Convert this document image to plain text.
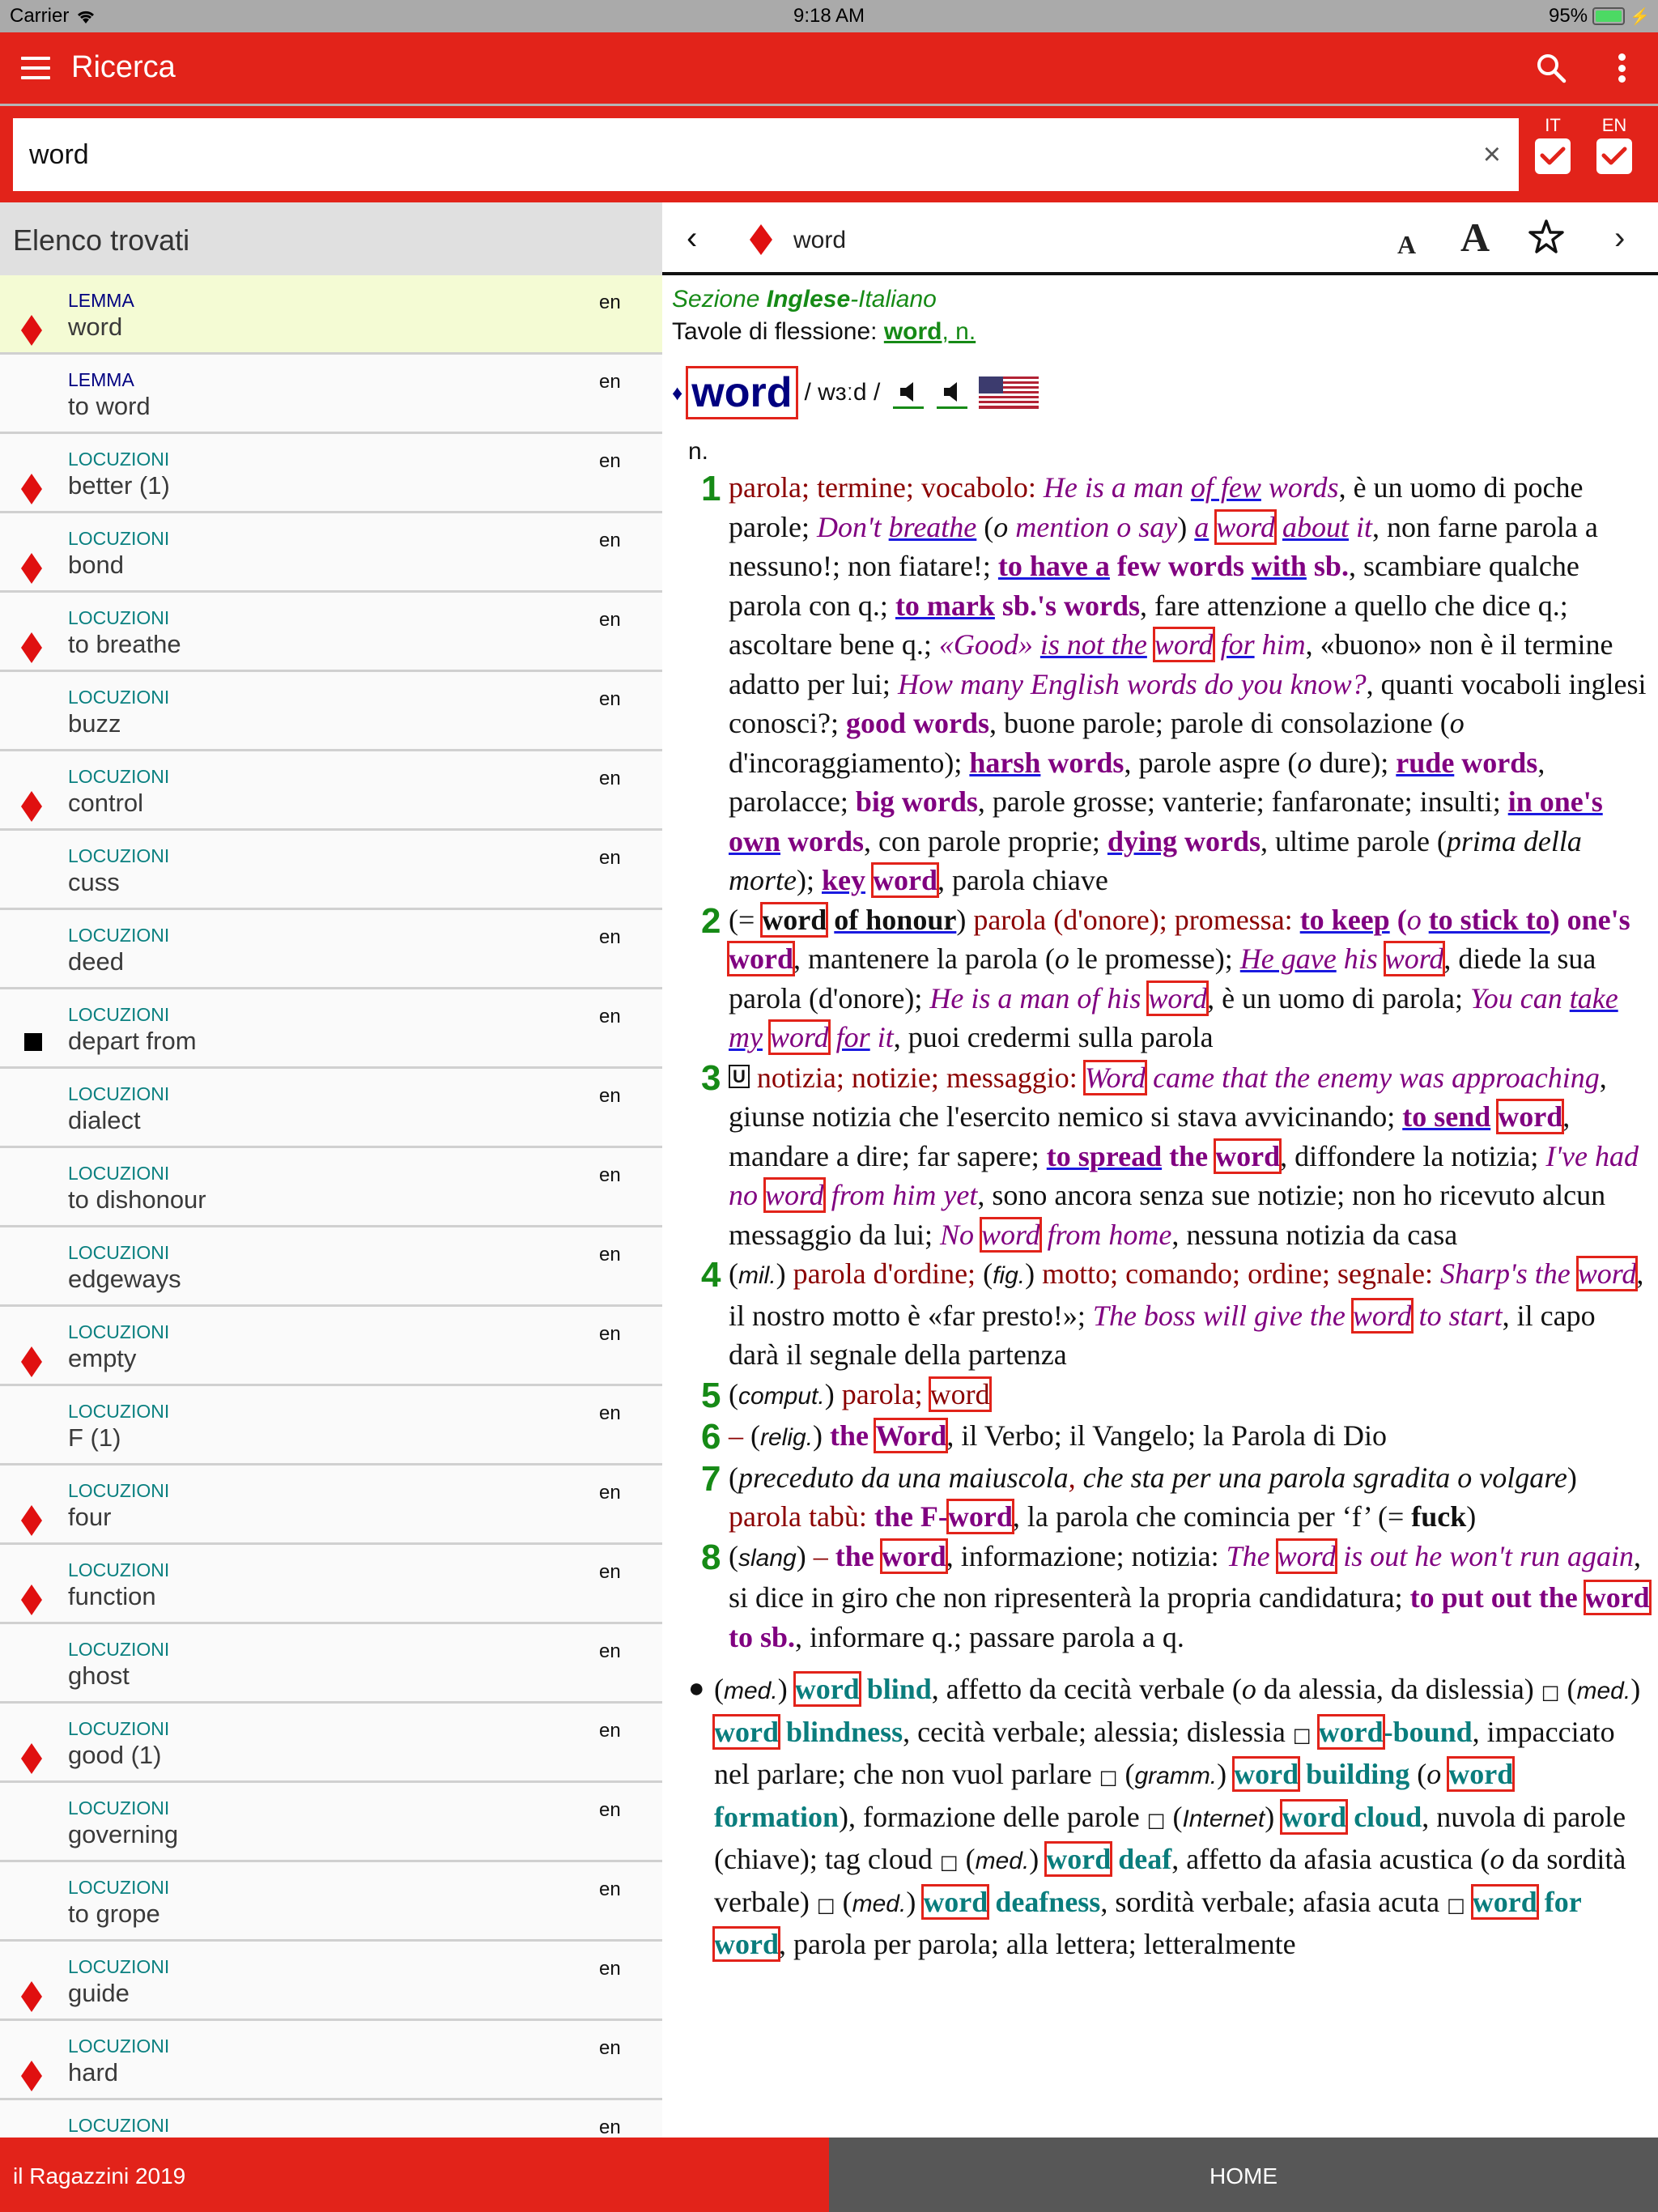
Carrier	9:18 AM	95%	⚡
Ricerca
word
×
IT	EN
Elenco trovati
LEMMA
word
en
LEMMA
to word
en
LOCUZIONI
better (1)
en
LOCUZIONI
bond
en
LOCUZIONI
to breathe
en
LOCUZIONI
buzz
en
LOCUZIONI
control
en
LOCUZIONI
cuss
en
LOCUZIONI
deed
en
LOCUZIONI
depart from
en
LOCUZIONI
dialect
en
LOCUZIONI
to dishonour
en
LOCUZIONI
edgeways
en
LOCUZIONI
empty
en
LOCUZIONI
F (1)
en
LOCUZIONI
four
en
LOCUZIONI
function
en
LOCUZIONI
ghost
en
LOCUZIONI
good (1)
en
LOCUZIONI
governing
en
LOCUZIONI
to grope
en
LOCUZIONI
guide
en
LOCUZIONI
hard
en
LOCUZIONI	en
‹	word	A A	›
Sezione Inglese-Italiano
Tavole di flessione: word, n.
♦ word / wɜːd /
n.
1 parola; termine; vocabolo: He is a man of few words, è un uomo di poche parole; Don't breathe (o mention o say) a word about it, non farne parola a nessuno!; non fiatare!; to have a few words with sb., scambiare qualche parola con q.; to mark sb.'s words, fare attenzione a quello che dice q.; ascoltare bene q.; «Good» is not the word for him, «buono» non è il termine adatto per lui; How many English words do you know?, quanti vocaboli inglesi conosci?; good words, buone parole; parole di consolazione (o d'incoraggiamento); harsh words, parole aspre (o dure); rude words, parolacce; big words, parole grosse; vanterie; fanfaronate; insulti; in one's own words, con parole proprie; dying words, ultime parole (prima della morte); key word, parola chiave
2 (= word of honour) parola (d'onore); promessa: to keep (o to stick to) one's word, mantenere la parola (o le promesse); He gave his word, diede la sua parola (d'onore); He is a man of his word, è un uomo di parola; You can take my word for it, puoi credermi sulla parola
3 U notizia; notizie; messaggio: Word came that the enemy was approaching, giunse notizia che l'esercito nemico si stava avvicinando; to send word, mandare a dire; far sapere; to spread the word, diffondere la notizia; I've had no word from him yet, sono ancora senza sue notizie; non ho ricevuto alcun messaggio da lui; No word from home, nessuna notizia da casa
4 (mil.) parola d'ordine; (fig.) motto; comando; ordine; segnale: Sharp's the word, il nostro motto è «far presto!»; The boss will give the word to start, il capo darà il segnale della partenza
5 (comput.) parola; word
6 – (relig.) the Word, il Verbo; il Vangelo; la Parola di Dio
7 (preceduto da una maiuscola, che sta per una parola sgradita o volgare) parola tabù: the F-word, la parola che comincia per ‘f’ (= fuck)
8 (slang) – the word, informazione; notizia: The word is out he won't run again, si dice in giro che non ripresenterà la propria candidatura; to put out the word to sb., informare q.; passare parola a q.
● (med.) word blind, affetto da cecità verbale (o da alessia, da dislessia) □ (med.) word blindness, cecità verbale; alessia; dislessia □ word-bound, impacciato nel parlare; che non vuol parlare □ (gramm.) word building (o word formation), formazione delle parole □ (Internet) word cloud, nuvola di parole (chiave); tag cloud □ (med.) word deaf, affetto da afasia acustica (o da sordità verbale) □ (med.) word deafness, sordità verbale; afasia acuta □ word for word, parola per parola; alla lettera; letteralmente
il Ragazzini 2019	HOME
